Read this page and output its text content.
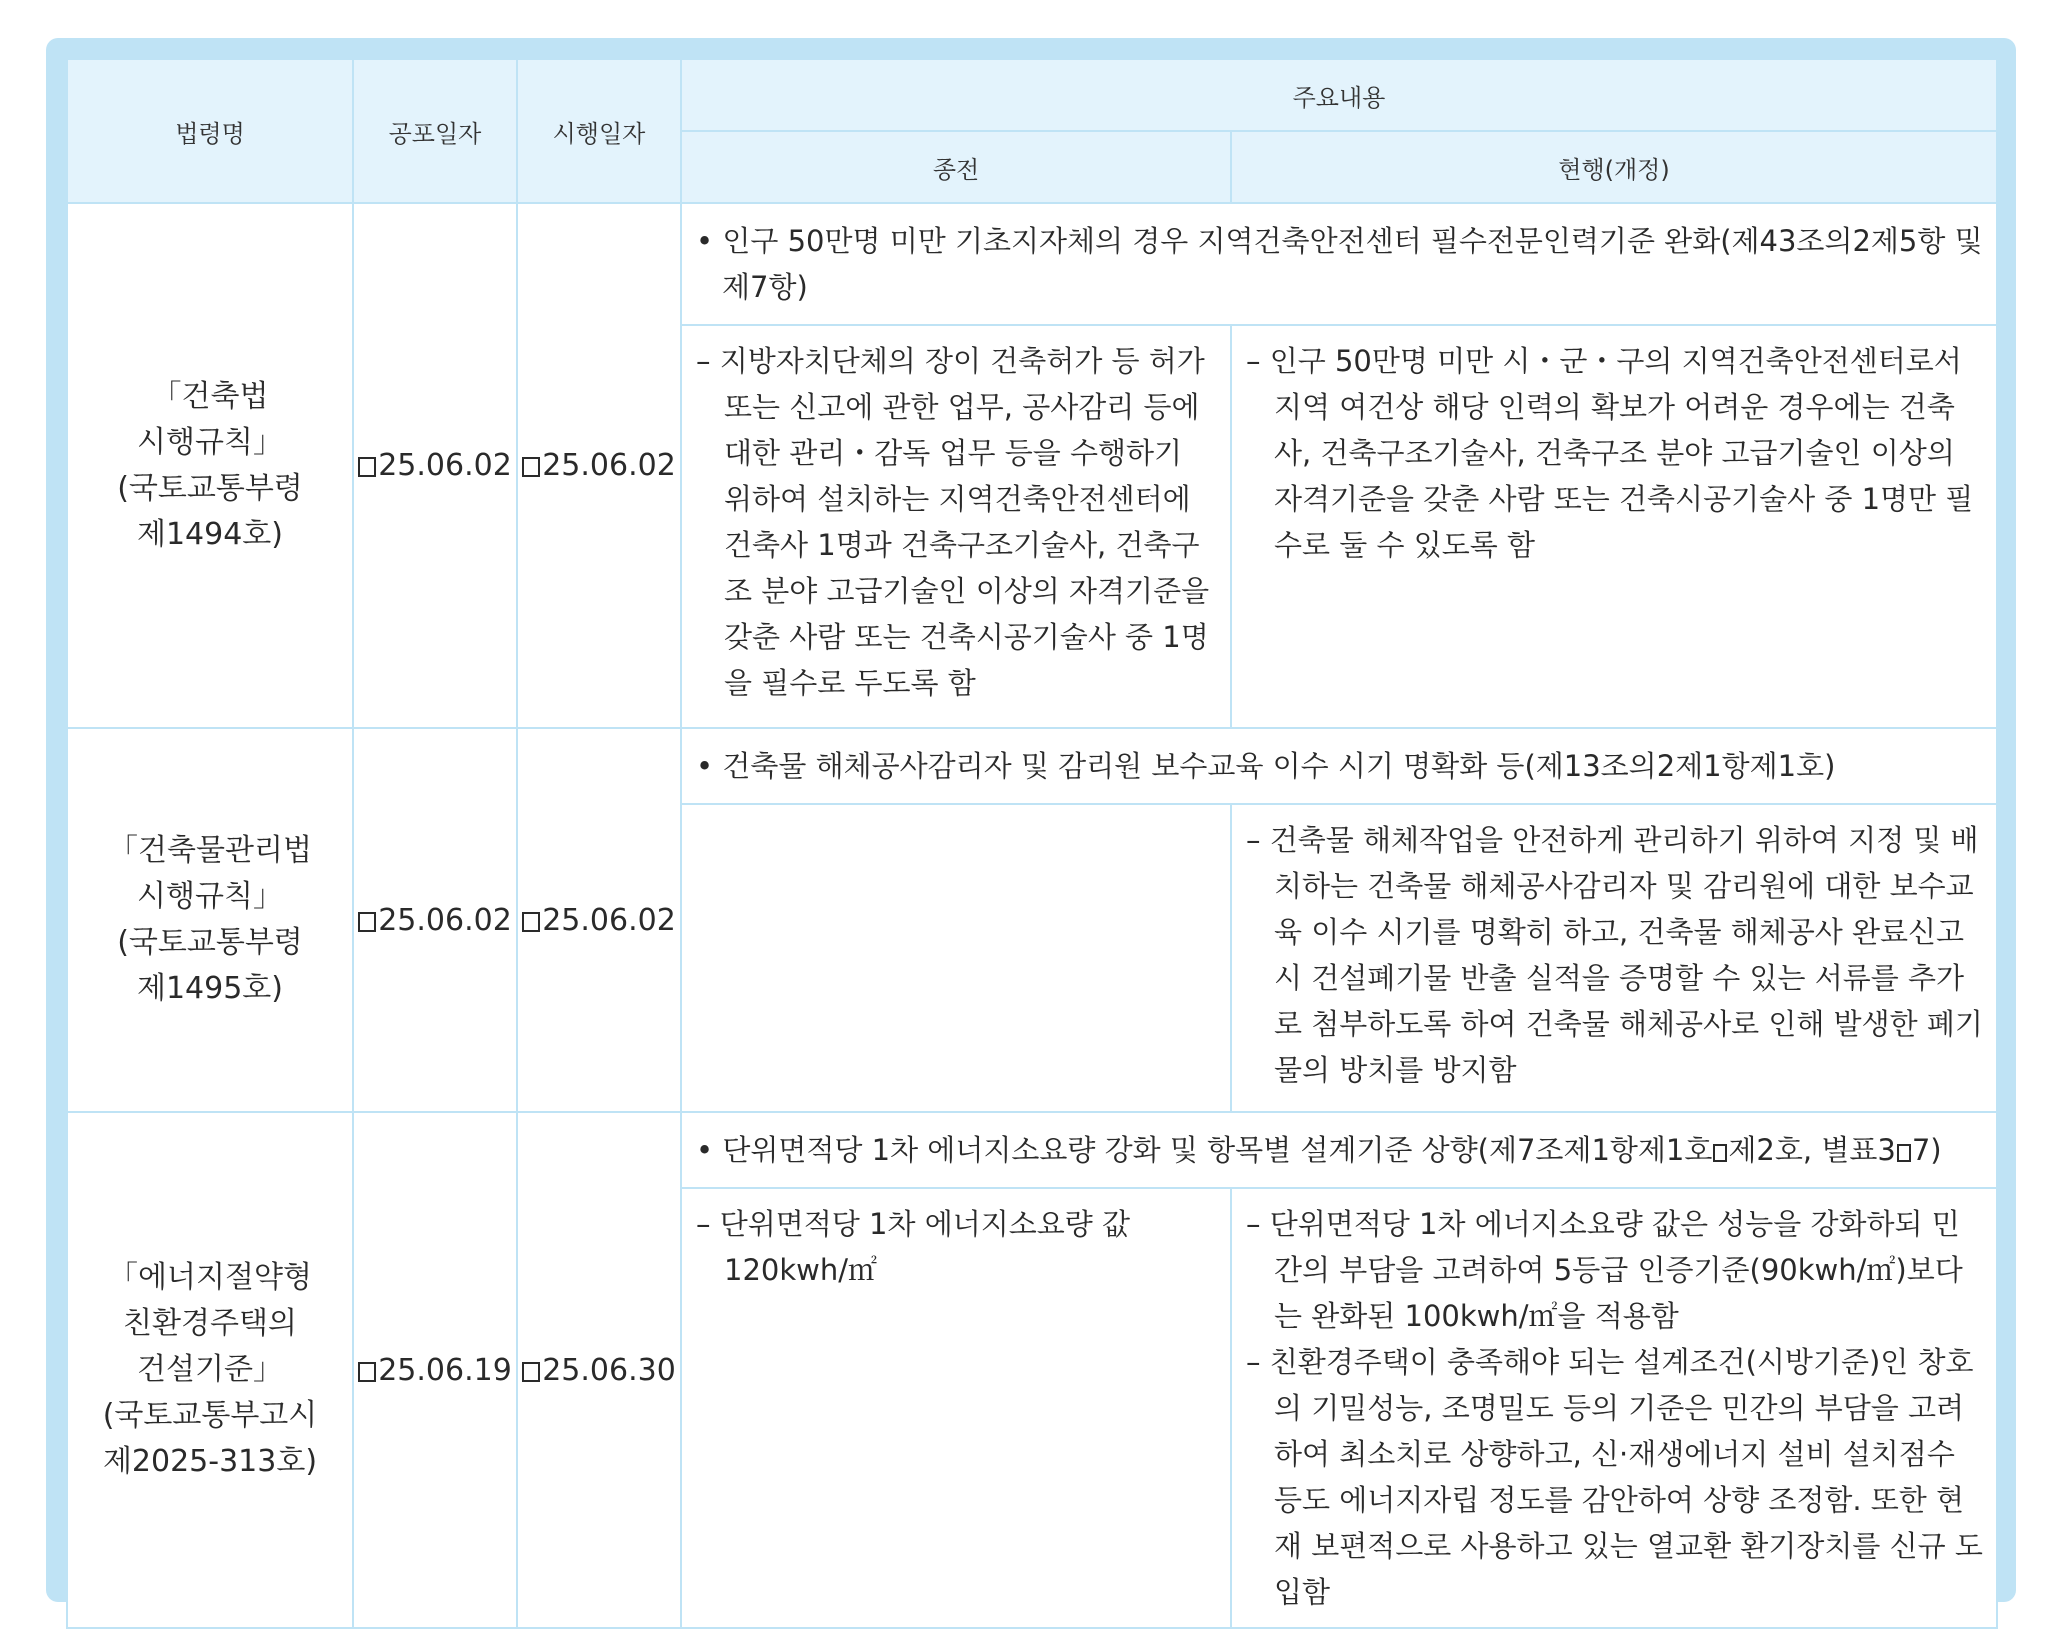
법령명	공포일자	시행일자	주요내용	
			종전	현행(개정)

「건축법
시행규칙」
(국토교통부령
제1494호)	25.06.02	25.06.02	• 인구 50만명 미만 기초지자체의 경우 지역건축안전센터 필수전문인력기준 완화(제43조의2제5항 및 제7항)	

			– 지방자치단체의 장이 건축허가 등 허가 또는 신고에 관한 업무, 공사감리 등에 대한 관리・감독 업무 등을 수행하기 위하여 설치하는 지역건축안전센터에 건축사 1명과 건축구조기술사, 건축구조 분야 고급기술인 이상의 자격기준을 갖춘 사람 또는 건축시공기술사 중 1명을 필수로 두도록 함	– 인구 50만명 미만 시・군・구의 지역건축안전센터로서 지역 여건상 해당 인력의 확보가 어려운 경우에는 건축사, 건축구조기술사, 건축구조 분야 고급기술인 이상의 자격기준을 갖춘 사람 또는 건축시공기술사 중 1명만 필수로 둘 수 있도록 함

「건축물관리법
시행규칙」
(국토교통부령
제1495호)	25.06.02	25.06.02	• 건축물 해체공사감리자 및 감리원 보수교육 이수 시기 명확화 등(제13조의2제1항제1호)	

				– 건축물 해체작업을 안전하게 관리하기 위하여 지정 및 배치하는 건축물 해체공사감리자 및 감리원에 대한 보수교육 이수 시기를 명확히 하고, 건축물 해체공사 완료신고 시 건설폐기물 반출 실적을 증명할 수 있는 서류를 추가로 첨부하도록 하여 건축물 해체공사로 인해 발생한 폐기물의 방치를 방지함

「에너지절약형
친환경주택의
건설기준」
(국토교통부고시
제2025-313호)	25.06.19	25.06.30	• 단위면적당 1차 에너지소요량 강화 및 항목별 설계기준 상향(제7조제1항제1호 제2호, 별표3 7)	

			– 단위면적당 1차 에너지소요량 값 120kwh/㎡	– 단위면적당 1차 에너지소요량 값은 성능을 강화하되 민간의 부담을 고려하여 5등급 인증기준(90kwh/㎡)보다는 완화된 100kwh/㎡을 적용함
– 친환경주택이 충족해야 되는 설계조건(시방기준)인 창호의 기밀성능, 조명밀도 등의 기준은 민간의 부담을 고려하여 최소치로 상향하고, 신·재생에너지 설비 설치점수 등도 에너지자립 정도를 감안하여 상향 조정함. 또한 현재 보편적으로 사용하고 있는 열교환 환기장치를 신규 도입함
